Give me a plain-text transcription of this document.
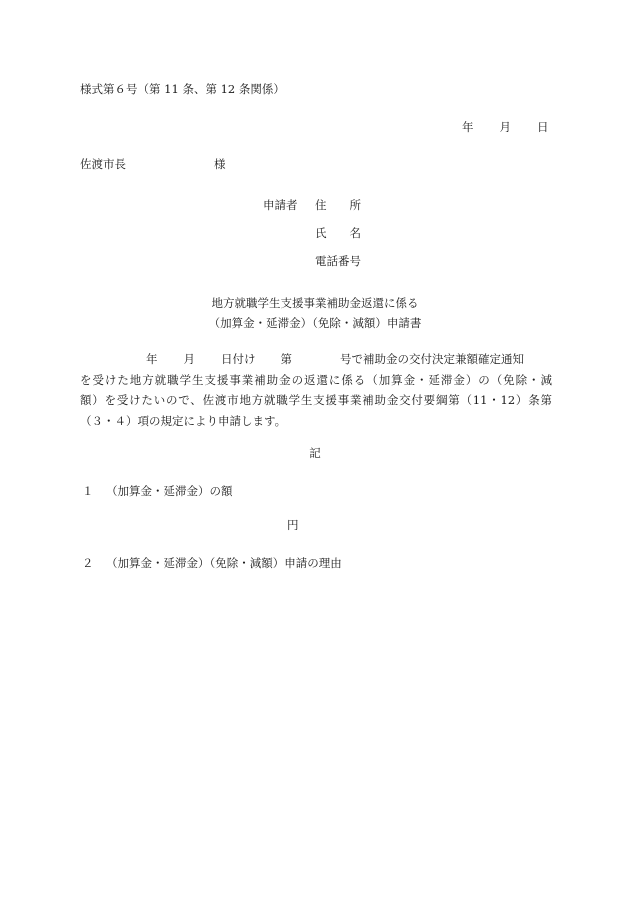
様式第６号（第 11 条、第 12 条関係）
年 月 日
佐渡市長	様
申請者 住　　所
氏　　名
電話番号
地方就職学生支援事業補助金返還に係る
（加算金・延滞金）（免除・減額）申請書
年 月 日付け 第	号で補助金の交付決定兼額確定通知
を受けた地方就職学生支援事業補助金の返還に係る（加算金・延滞金）の（免除・減
額）を受けたいので、佐渡市地方就職学生支援事業補助金交付要綱第（11・12）条第
（３・４）項の規定により申請します。
記
１ （加算金・延滞金）の額
円
２ （加算金・延滞金）（免除・減額）申請の理由
